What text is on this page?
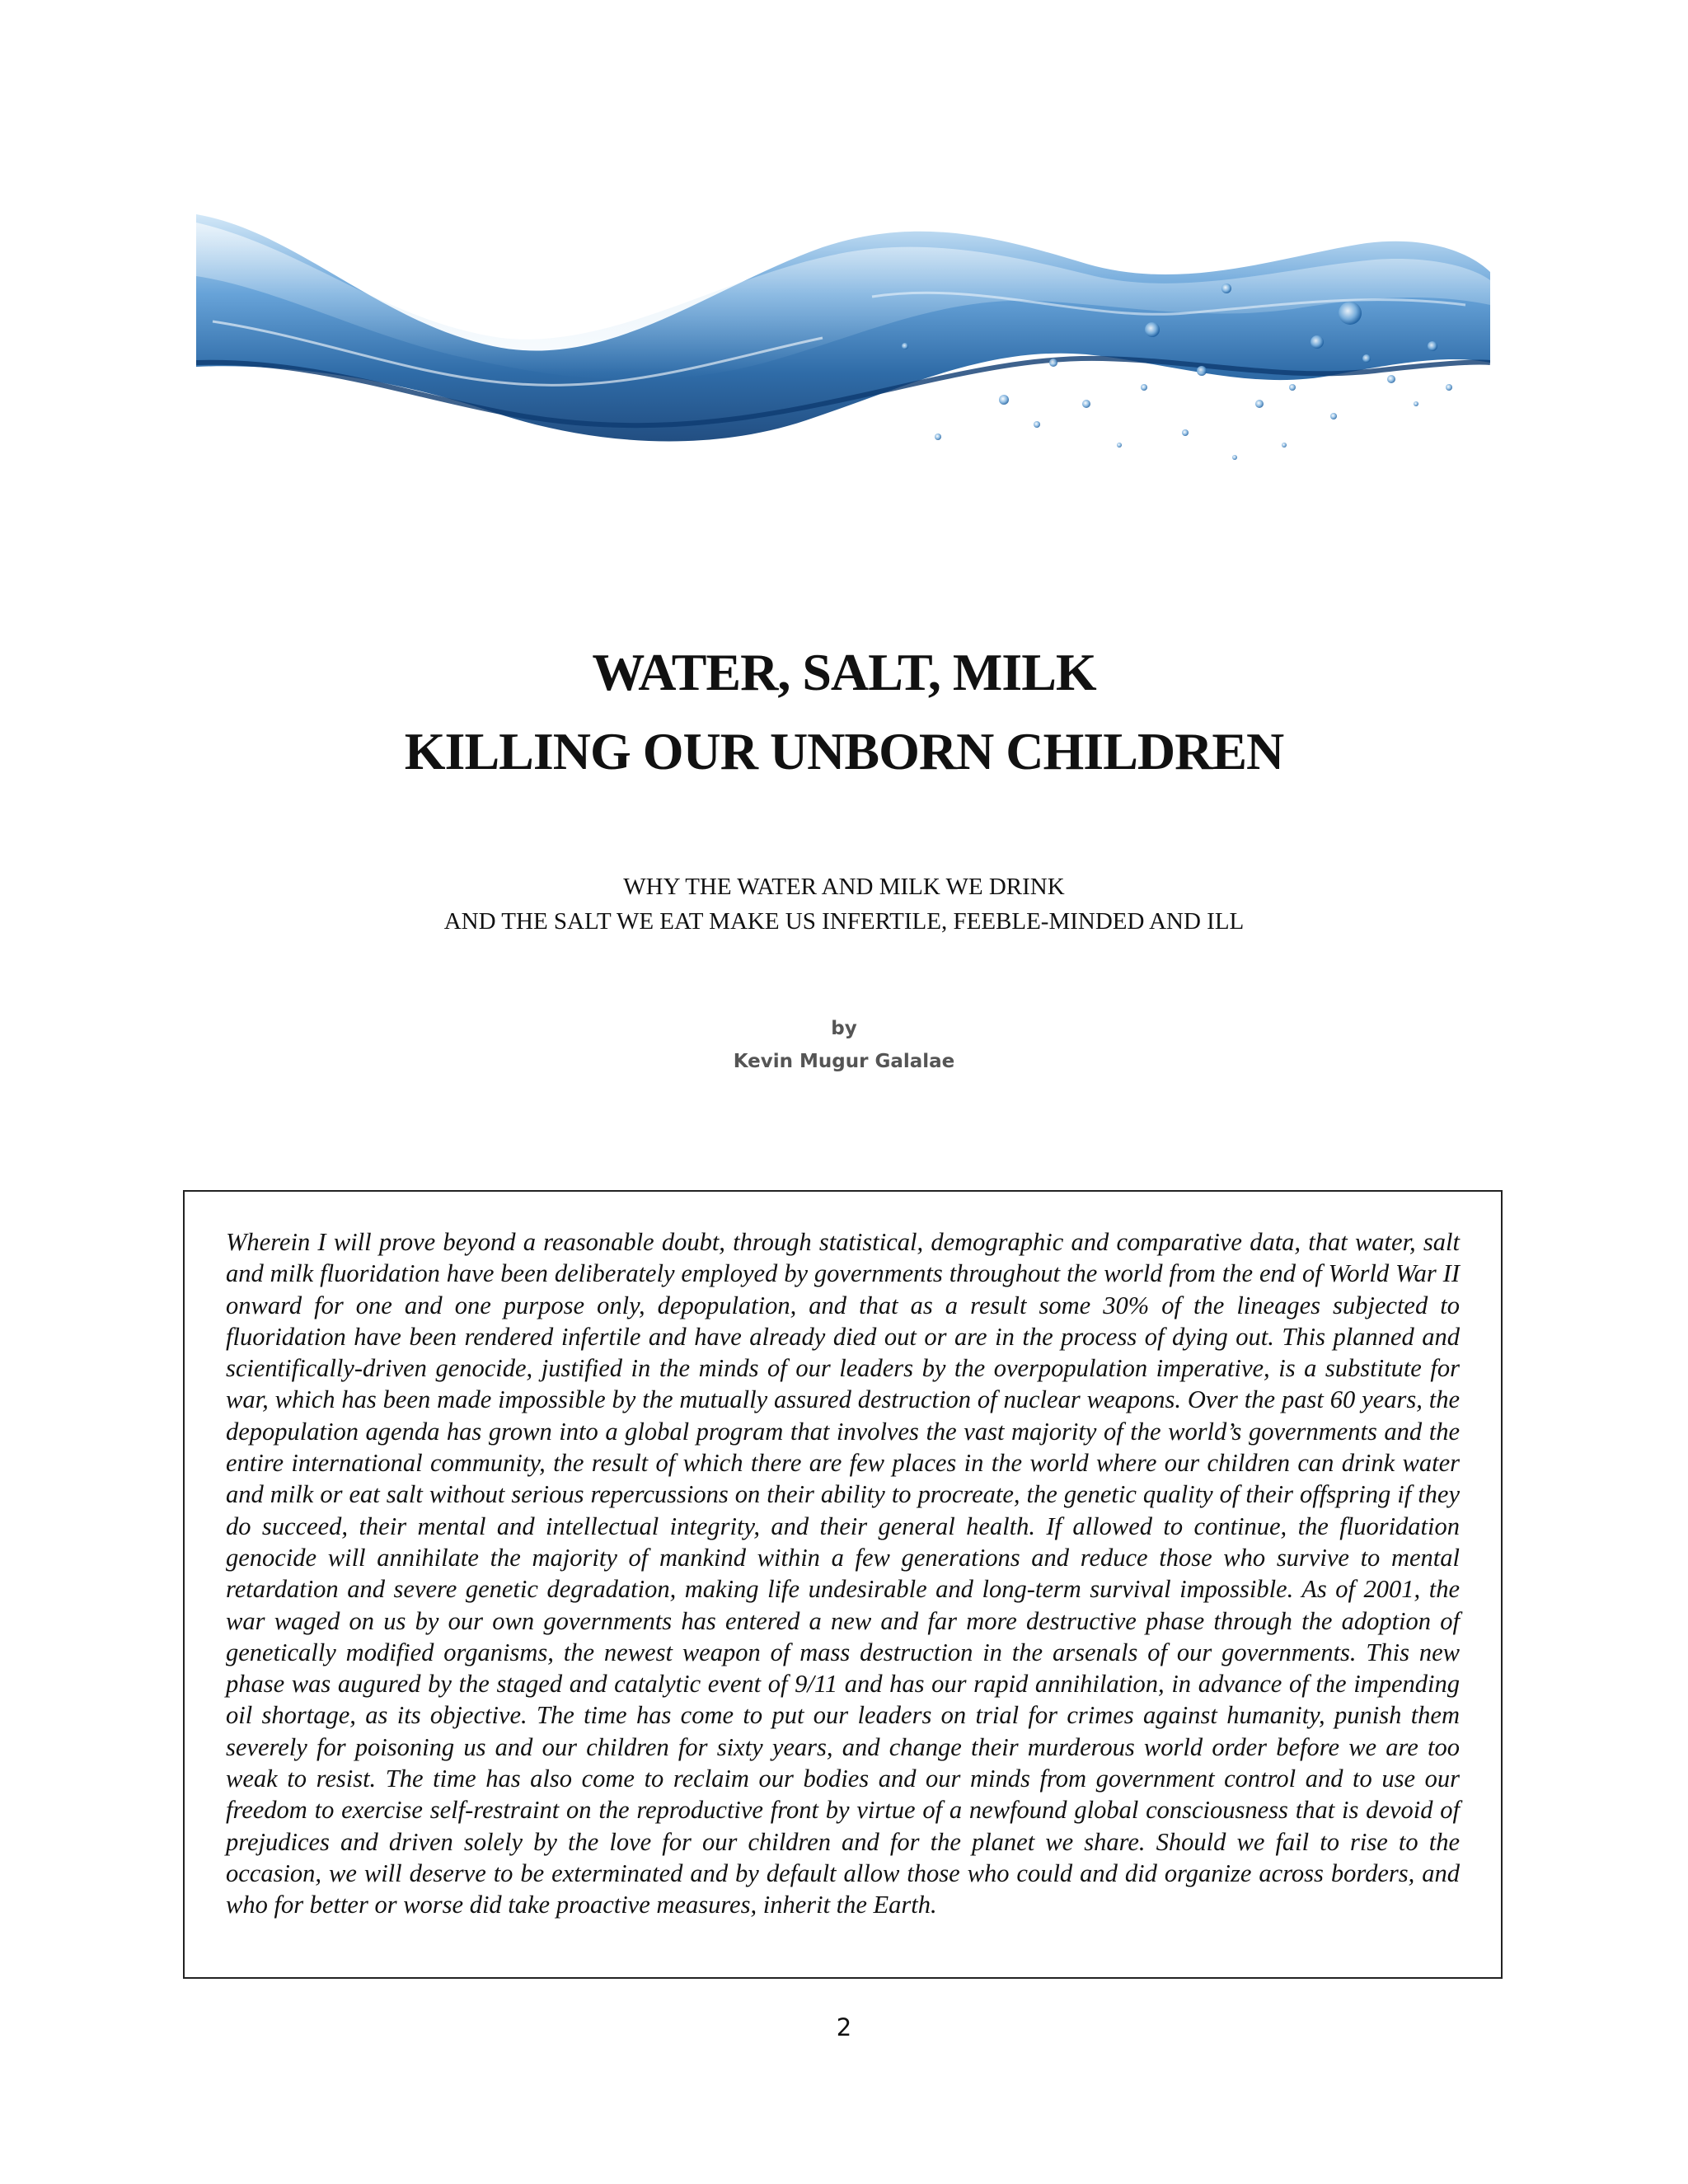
WATER, SALT, MILK
KILLING OUR UNBORN CHILDREN
WHY THE WATER AND MILK WE DRINK
AND THE SALT WE EAT MAKE US INFERTILE, FEEBLE-MINDED AND ILL
by
Kevin Mugur Galalae

Wherein I will prove beyond a reasonable doubt, through statistical, demographic and comparative data, that water, salt and milk fluoridation have been deliberately employed by governments throughout the world from the end of World War II onward for one and one purpose only, depopulation, and that as a result some 30% of the lineages subjected to fluoridation have been rendered infertile and have already died out or are in the process of dying out. This planned and scientifically-driven genocide, justified in the minds of our leaders by the overpopulation imperative, is a substitute for war, which has been made impossible by the mutually assured destruction of nuclear weapons. Over the past 60 years, the depopulation agenda has grown into a global program that involves the vast majority of the world’s governments and the entire international community, the result of which there are few places in the world where our children can drink water and milk or eat salt without serious repercussions on their ability to procreate, the genetic quality of their offspring if they do succeed, their mental and intellectual integrity, and their general health. If allowed to continue, the fluoridation genocide will annihilate the majority of mankind within a few generations and reduce those who survive to mental retardation and severe genetic degradation, making life undesirable and long-term survival impossible. As of 2001, the war waged on us by our own governments has entered a new and far more destructive phase through the adoption of genetically modified organisms, the newest weapon of mass destruction in the arsenals of our governments. This new phase was augured by the staged and catalytic event of 9/11 and has our rapid annihilation, in advance of the impending oil shortage, as its objective. The time has come to put our leaders on trial for crimes against humanity, punish them severely for poisoning us and our children for sixty years, and change their murderous world order before we are too weak to resist. The time has also come to reclaim our bodies and our minds from government control and to use our freedom to exercise self-restraint on the reproductive front by virtue of a newfound global consciousness that is devoid of prejudices and driven solely by the love for our children and for the planet we share. Should we fail to rise to the occasion, we will deserve to be exterminated and by default allow those who could and did organize across borders, and who for better or worse did take proactive measures, inherit the Earth.

2
